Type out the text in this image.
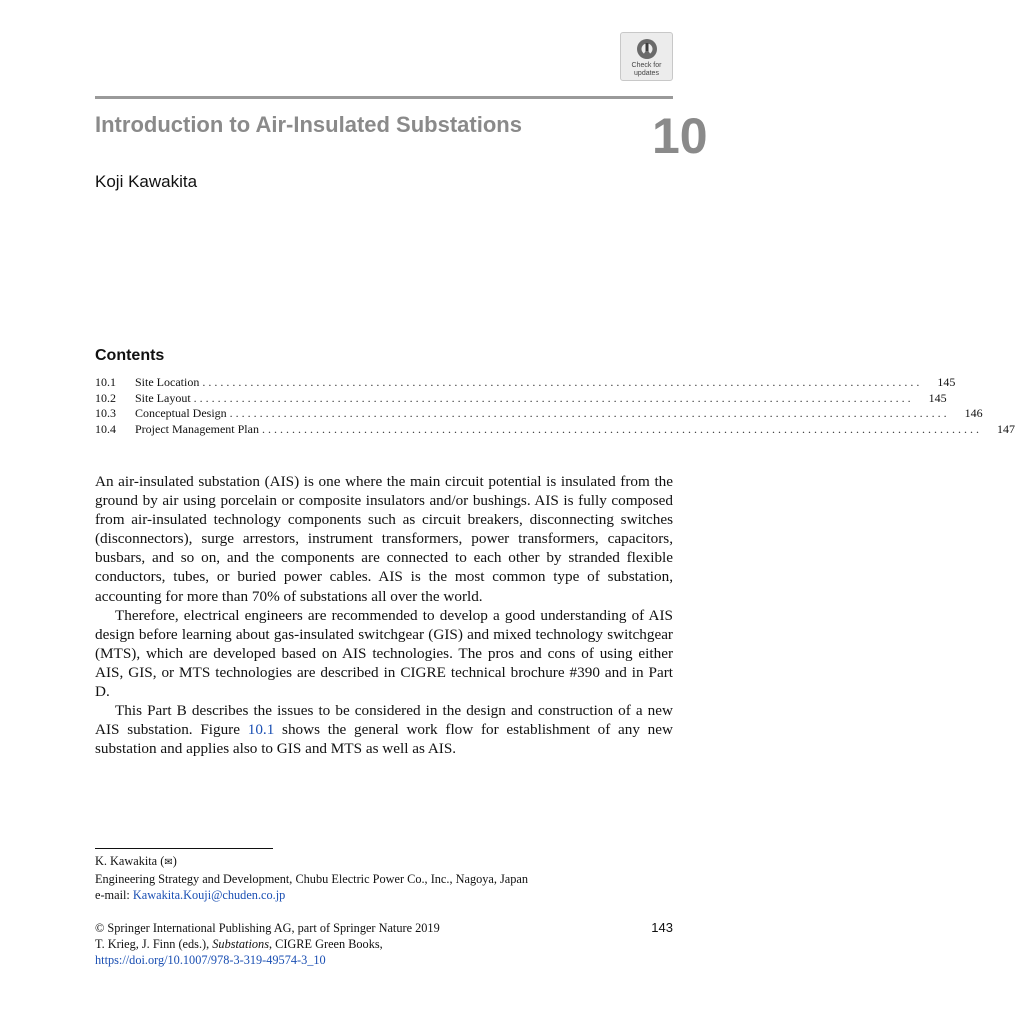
Check for
updates
Introduction to Air-Insulated Substations	10
Koji Kawakita
Contents
10.1	Site Location . . . . . . . . . . . . . . . . . . . . . . . . . . . . . . . . . . . . . . . . . . . . . . . . . . . . . . . . . . . . . . . . . . . . . . . . . . . . . . . . . . . . . . . . . . . . . . . . . . . . . . . . . . . . . . . . . . . . . . . .	145
10.2	Site Layout . . . . . . . . . . . . . . . . . . . . . . . . . . . . . . . . . . . . . . . . . . . . . . . . . . . . . . . . . . . . . . . . . . . . . . . . . . . . . . . . . . . . . . . . . . . . . . . . . . . . . . . . . . . . . . . . . . . . . . . .	145
10.3	Conceptual Design . . . . . . . . . . . . . . . . . . . . . . . . . . . . . . . . . . . . . . . . . . . . . . . . . . . . . . . . . . . . . . . . . . . . . . . . . . . . . . . . . . . . . . . . . . . . . . . . . . . . . . . . . . . . . . . . . . . . . . . .	146
10.4	Project Management Plan . . . . . . . . . . . . . . . . . . . . . . . . . . . . . . . . . . . . . . . . . . . . . . . . . . . . . . . . . . . . . . . . . . . . . . . . . . . . . . . . . . . . . . . . . . . . . . . . . . . . . . . . . . . . . . . . . . . . . . . .	147

An air-insulated substation (AIS) is one where the main circuit potential is insulated from the ground by air using porcelain or composite insulators and/or bushings. AIS is fully composed from air-insulated technology components such as circuit breakers, disconnecting switches (disconnectors), surge arrestors, instrument transformers, power transformers, capacitors, busbars, and so on, and the components are connected to each other by stranded flexible conductors, tubes, or buried power cables. AIS is the most common type of substation, accounting for more than 70% of substations all over the world.

Therefore, electrical engineers are recommended to develop a good understanding of AIS design before learning about gas-insulated switchgear (GIS) and mixed technology switchgear (MTS), which are developed based on AIS technologies. The pros and cons of using either AIS, GIS, or MTS technologies are described in CIGRE technical brochure #390 and in Part D.

This Part B describes the issues to be considered in the design and construction of a new AIS substation. Figure 10.1 shows the general work flow for establishment of any new substation and applies also to GIS and MTS as well as AIS.

K. Kawakita (✉)
Engineering Strategy and Development, Chubu Electric Power Co., Inc., Nagoya, Japan
e-mail: Kawakita.Kouji@chuden.co.jp
© Springer International Publishing AG, part of Springer Nature 2019
T. Krieg, J. Finn (eds.), Substations, CIGRE Green Books,
https://doi.org/10.1007/978-3-319-49574-3_10
143
